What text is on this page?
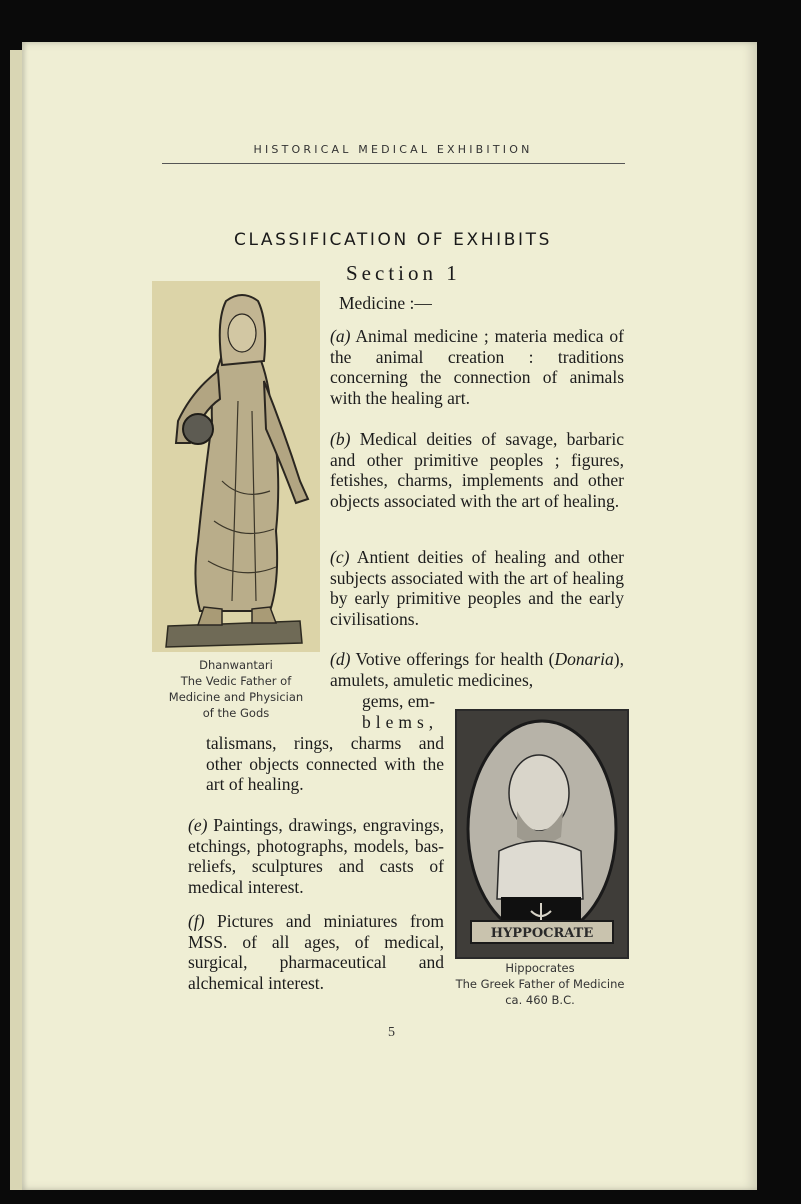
HISTORICAL MEDICAL EXHIBITION
CLASSIFICATION OF EXHIBITS
Section 1
Dhanwantari
The Vedic Father of
Medicine and Physician
of the Gods
HYPPOCRATE
Hippocrates
The Greek Father of Medicine
ca. 460 B.C.
Medicine :—
(a) Animal medicine ; materia medica of the animal creation : traditions concerning the connection of animals with the healing art.
(b) Medical deities of savage, barbaric and other primitive peoples ; figures, fetishes, charms, implements and other objects associated with the art of healing.
(c) Antient deities of healing and other subjects associated with the art of healing by early primitive peoples and the early civilisations.
(d) Votive offerings for health (Donaria), amulets, amuletic medicines,
gems, em-
blems,
talismans, rings, charms and other objects connected with the art of healing.
(e) Paintings, drawings, engravings, etchings, photographs, models, bas-reliefs, sculptures and casts of medical interest.
(f) Pictures and miniatures from MSS. of all ages, of medical, surgical, pharmaceutical and alchemical interest.
5
